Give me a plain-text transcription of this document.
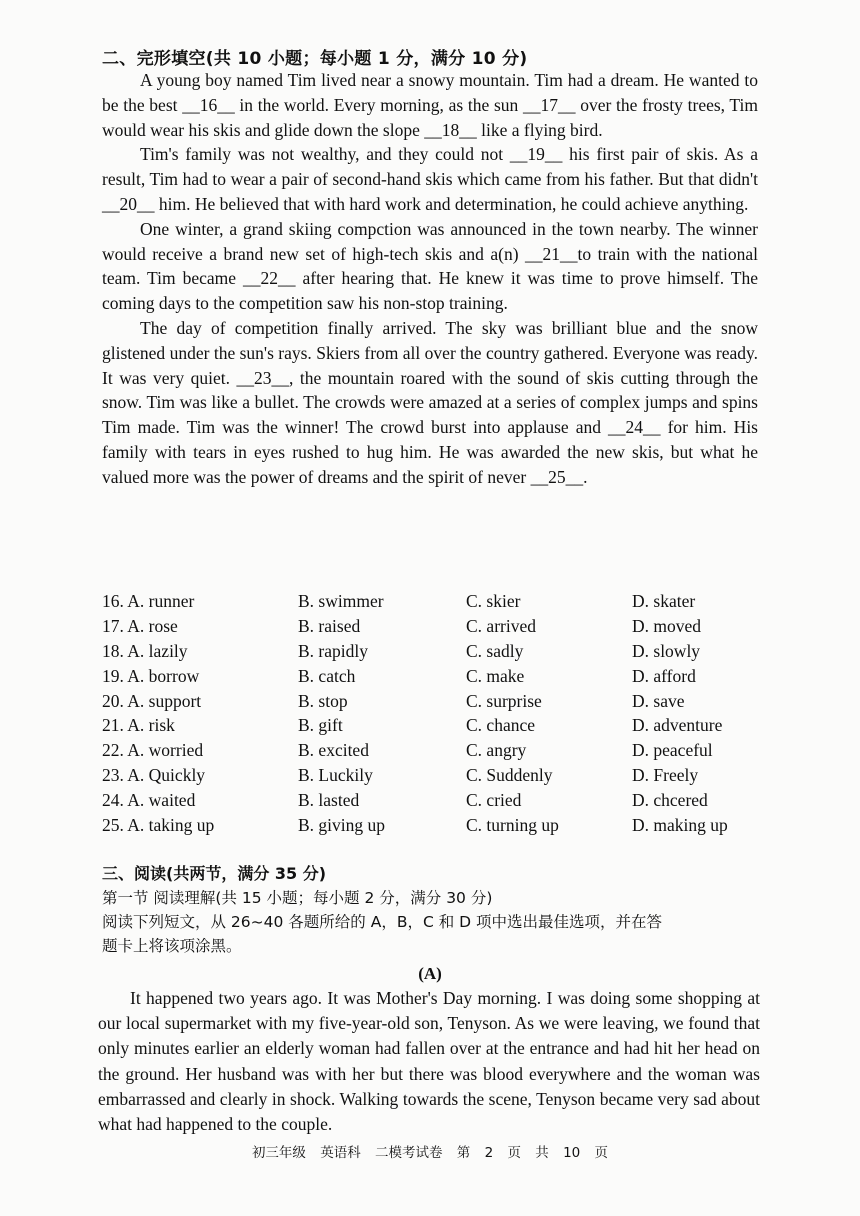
二、完形填空(共 10 小题；每小题 1 分，满分 10 分)

A young boy named Tim lived near a snowy mountain. Tim had a dream. He wanted to be the best __16__ in the world. Every morning, as the sun __17__ over the frosty trees, Tim would wear his skis and glide down the slope __18__ like a flying bird.

Tim's family was not wealthy, and they could not __19__ his first pair of skis. As a result, Tim had to wear a pair of second-hand skis which came from his father. But that didn't __20__ him. He believed that with hard work and determination, he could achieve anything.

One winter, a grand skiing compction was announced in the town nearby. The winner would receive a brand new set of high-tech skis and a(n) __21__to train with the national team. Tim became __22__ after hearing that. He knew it was time to prove himself. The coming days to the competition saw his non-stop training.

The day of competition finally arrived. The sky was brilliant blue and the snow glistened under the sun's rays. Skiers from all over the country gathered. Everyone was ready. It was very quiet. __23__, the mountain roared with the sound of skis cutting through the snow. Tim was like a bullet. The crowds were amazed at a series of complex jumps and spins Tim made. Tim was the winner! The crowd burst into applause and __24__ for him. His family with tears in eyes rushed to hug him. He was awarded the new skis, but what he valued more was the power of dreams and the spirit of never __25__.

16. A. runner	B. swimmer	C. skier	D. skater
17. A. rose	B. raised	C. arrived	D. moved
18. A. lazily	B. rapidly	C. sadly	D. slowly
19. A. borrow	B. catch	C. make	D. afford
20. A. support	B. stop	C. surprise	D. save
21. A. risk	B. gift	C. chance	D. adventure
22. A. worried	B. excited	C. angry	D. peaceful
23. A. Quickly	B. Luckily	C. Suddenly	D. Freely
24. A. waited	B. lasted	C. cried	D. chcered
25. A. taking up	B. giving up	C. turning up	D. making up
三、阅读(共两节，满分 35 分)
第一节 阅读理解(共 15 小题；每小题 2 分，满分 30 分)
阅读下列短文，从 26~40 各题所给的 A，B，C 和 D 项中选出最佳选项，并在答
题卡上将该项涂黑。
(A)

It happened two years ago. It was Mother's Day morning. I was doing some shopping at our local supermarket with my five-year-old son, Tenyson. As we were leaving, we found that only minutes earlier an elderly woman had fallen over at the entrance and had hit her head on the ground. Her husband was with her but there was blood everywhere and the woman was embarrassed and clearly in shock. Walking towards the scene, Tenyson became very sad about what had happened to the couple.

初三年级 英语科 二模考试卷 第 2 页 共 10 页
